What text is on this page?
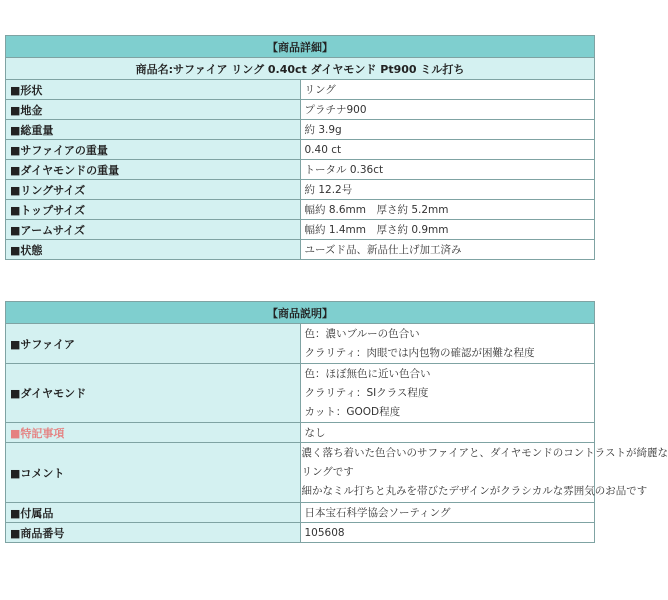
【商品詳細】	
商品名:サファイア リング 0.40ct ダイヤモンド Pt900 ミル打ち	
■形状	リング
■地金	プラチナ900
■総重量	約 3.9g
■サファイアの重量	0.40 ct
■ダイヤモンドの重量	トータル 0.36ct
■リングサイズ	約 12.2号
■トップサイズ	幅約 8.6mm　厚さ約 5.2mm
■アームサイズ	幅約 1.4mm　厚さ約 0.9mm
■状態	ユーズド品、新品仕上げ加工済み
【商品説明】	
■サファイア	色：濃いブルーの色合い
クラリティ：肉眼では内包物の確認が困難な程度

■ダイヤモンド	色：ほぼ無色に近い色合い
クラリティ：SIクラス程度
カット：GOOD程度

■特記事項	なし
■コメント	濃く落ち着いた色合いのサファイアと、ダイヤモンドのコントラストが綺麗な
リングです
細かなミル打ちと丸みを帯びたデザインがクラシカルな雰囲気のお品です

■付属品	日本宝石科学協会ソーティング
■商品番号	105608
